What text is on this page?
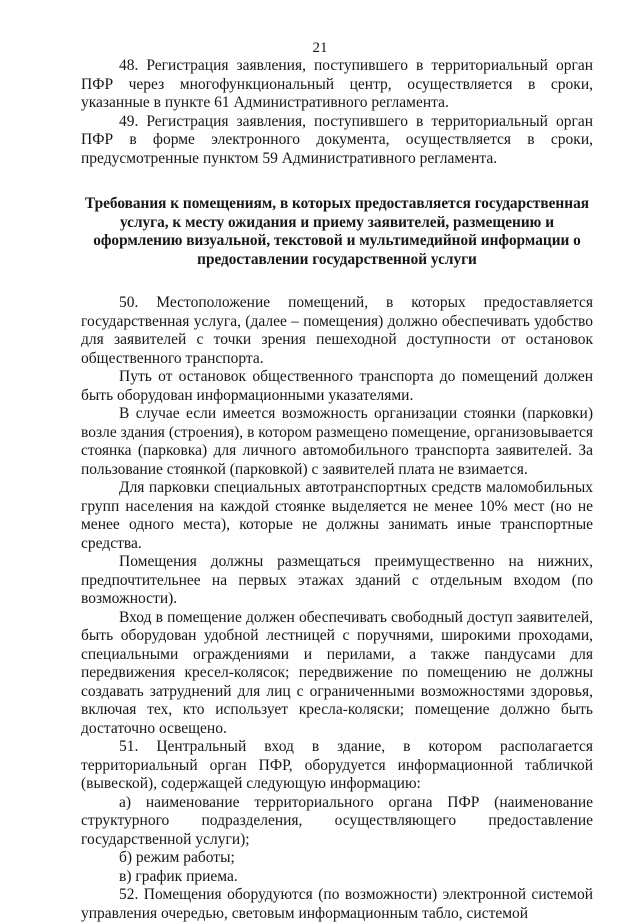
21

48. Регистрация заявления, поступившего в территориальный орган ПФР через многофункциональный центр, осуществляется в сроки, указанные в пункте 61 Административного регламента.

49. Регистрация заявления, поступившего в территориальный орган ПФР в форме электронного документа, осуществляется в сроки, предусмотренные пунктом 59 Административного регламента.

Требования к помещениям, в которых предоставляется государственная услуга, к месту ожидания и приему заявителей, размещению и оформлению визуальной, текстовой и мультимедийной информации о предоставлении государственной услуги

50. Местоположение помещений, в которых предоставляется государственная услуга, (далее – помещения) должно обеспечивать удобство для заявителей с точки зрения пешеходной доступности от остановок общественного транспорта.

Путь от остановок общественного транспорта до помещений должен быть оборудован информационными указателями.

В случае если имеется возможность организации стоянки (парковки) возле здания (строения), в котором размещено помещение, организовывается стоянка (парковка) для личного автомобильного транспорта заявителей. За пользование стоянкой (парковкой) с заявителей плата не взимается.

Для парковки специальных автотранспортных средств маломобильных групп населения на каждой стоянке выделяется не менее 10% мест (но не менее одного места), которые не должны занимать иные транспортные средства.

Помещения должны размещаться преимущественно на нижних, предпочтительнее на первых этажах зданий с отдельным входом (по возможности).

Вход в помещение должен обеспечивать свободный доступ заявителей, быть оборудован удобной лестницей с поручнями, широкими проходами, специальными ограждениями и перилами, а также пандусами для передвижения кресел-колясок; передвижение по помещению не должны создавать затруднений для лиц с ограниченными возможностями здоровья, включая тех, кто использует кресла-коляски; помещение должно быть достаточно освещено.

51. Центральный вход в здание, в котором располагается территориальный орган ПФР, оборудуется информационной табличкой (вывеской), содержащей следующую информацию:

а) наименование территориального органа ПФР (наименование структурного подразделения, осуществляющего предоставление государственной услуги);

б) режим работы;

в) график приема.

52. Помещения оборудуются (по возможности) электронной системой управления очередью, световым информационным табло, системой
